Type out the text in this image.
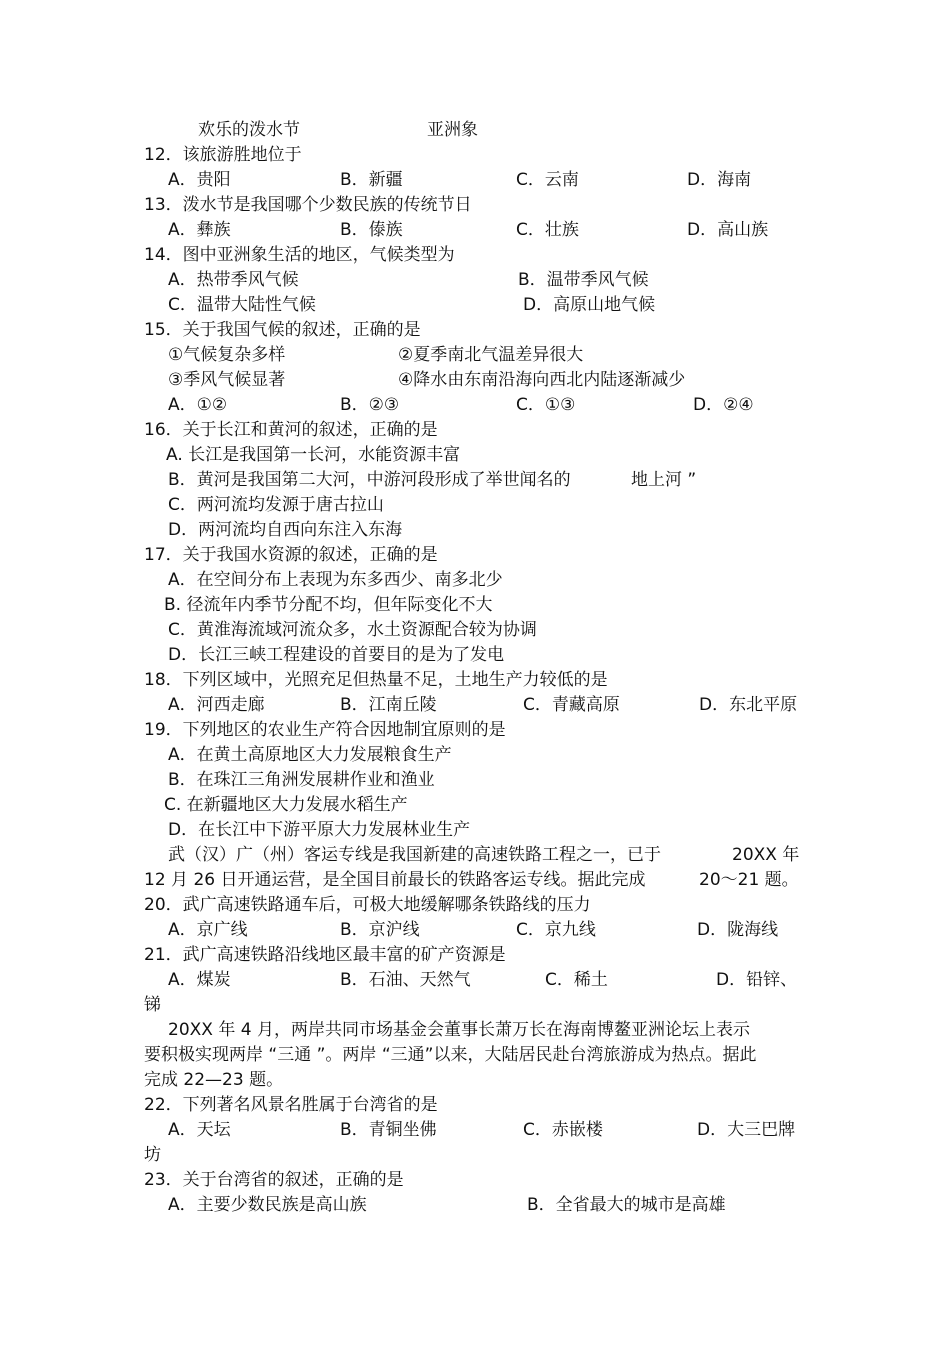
欢乐的泼水节	亚洲象
12．该旅游胜地位于
A．贵阳	B．新疆	C．云南	D．海南
13．泼水节是我国哪个少数民族的传统节日
A．彝族	B．傣族	C．壮族	D．高山族
14．图中亚洲象生活的地区，气候类型为
A．热带季风气候	B．温带季风气候
C．温带大陆性气候	D．高原山地气候
15．关于我国气候的叙述，正确的是
①气候复杂多样	②夏季南北气温差异很大
③季风气候显著	④降水由东南沿海向西北内陆逐渐减少
A．①②	B．②③	C．①③	D．②④
16．关于长江和黄河的叙述，正确的是
A. 长江是我国第一长河，水能资源丰富
B．黄河是我国第二大河，中游河段形成了举世闻名的	地上河 ”
C．两河流均发源于唐古拉山
D．两河流均自西向东注入东海
17．关于我国水资源的叙述，正确的是
A．在空间分布上表现为东多西少、南多北少
B. 径流年内季节分配不均，但年际变化不大
C．黄淮海流域河流众多，水土资源配合较为协调
D．长江三峡工程建设的首要目的是为了发电
18．下列区域中，光照充足但热量不足，土地生产力较低的是
A．河西走廊	B．江南丘陵	C．青藏高原	D．东北平原
19．下列地区的农业生产符合因地制宜原则的是
A．在黄土高原地区大力发展粮食生产
B．在珠江三角洲发展耕作业和渔业
C. 在新疆地区大力发展水稻生产
D．在长江中下游平原大力发展林业生产
武（汉）广（州）客运专线是我国新建的高速铁路工程之一，已于	20XX 年
12 月 26 日开通运营，是全国目前最长的铁路客运专线。据此完成	20～21 题。
20．武广高速铁路通车后，可极大地缓解哪条铁路线的压力
A．京广线	B．京沪线	C．京九线	D．陇海线
21．武广高速铁路沿线地区最丰富的矿产资源是
A．煤炭	B．石油、天然气	C．稀土	D．铅锌、
锑
20XX 年 4 月，两岸共同市场基金会董事长萧万长在海南博鳌亚洲论坛上表示
要积极实现两岸 “三通 ”。两岸 “三通”以来，大陆居民赴台湾旅游成为热点。据此
完成 22—23 题。
22．下列著名风景名胜属于台湾省的是
A．天坛	B．青铜坐佛	C．赤嵌楼	D．大三巴牌
坊
23．关于台湾省的叙述，正确的是
A．主要少数民族是高山族	B．全省最大的城市是高雄
